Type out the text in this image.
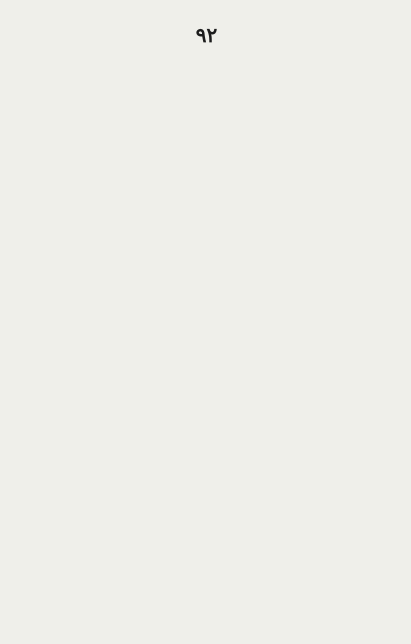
۹۲
